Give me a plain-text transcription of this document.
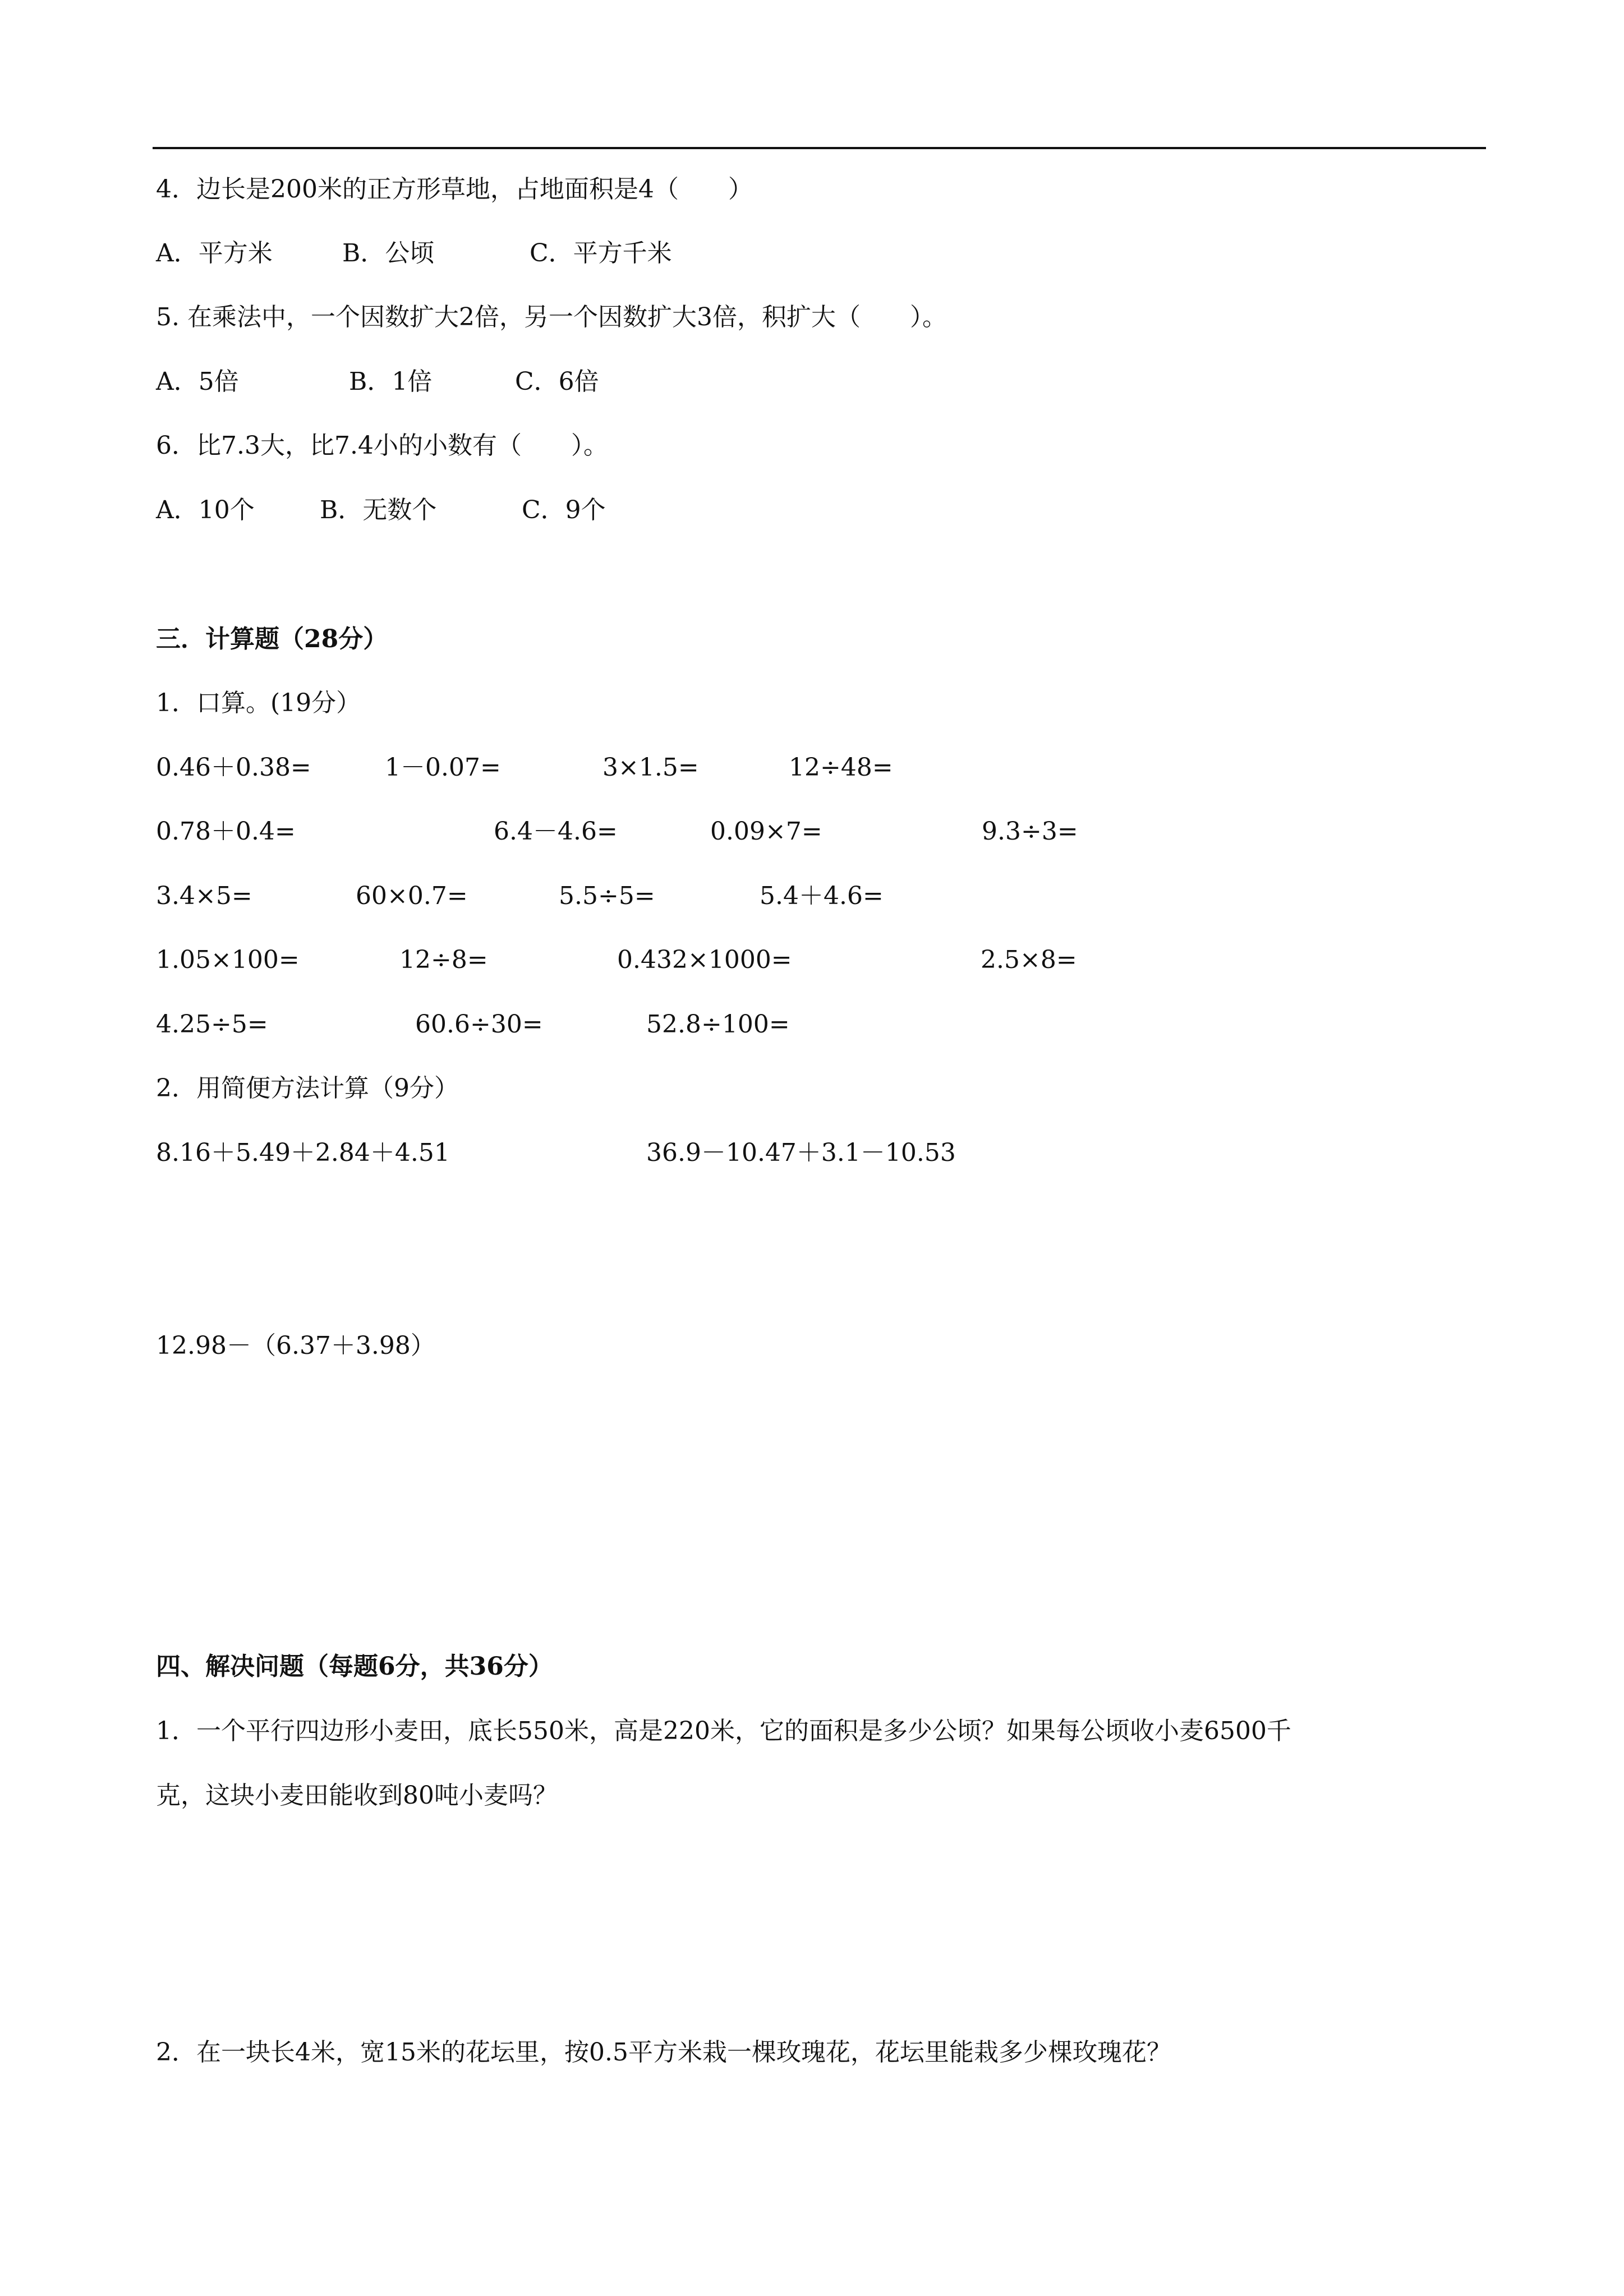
4．边长是200米的正方形草地，占地面积是4（　　）
A．平方米	B．公顷	C．平方千米
5. 在乘法中，一个因数扩大2倍，另一个因数扩大3倍，积扩大（　　）。
A．5倍	B．1倍	C．6倍
6．比7.3大，比7.4小的小数有（　　）。
A．10个	B．无数个	C．9个
三．计算题（28分）
1．口算。(19分）
0.46＋0.38=	1－0.07=	3×1.5=	12÷48=
0.78＋0.4=	6.4－4.6=	0.09×7=	9.3÷3=
3.4×5=	60×0.7=	5.5÷5=	5.4＋4.6=
1.05×100=	12÷8=	0.432×1000=	2.5×8=
4.25÷5=	60.6÷30=	52.8÷100=
2．用简便方法计算（9分）
8.16＋5.49＋2.84＋4.51	36.9－10.47＋3.1－10.53
12.98－（6.37＋3.98）
四、解决问题（每题6分，共36分）
1．一个平行四边形小麦田，底长550米，高是220米，它的面积是多少公顷？如果每公顷收小麦6500千
克，这块小麦田能收到80吨小麦吗？
2．在一块长4米，宽15米的花坛里，按0.5平方米栽一棵玫瑰花，花坛里能栽多少棵玫瑰花？
